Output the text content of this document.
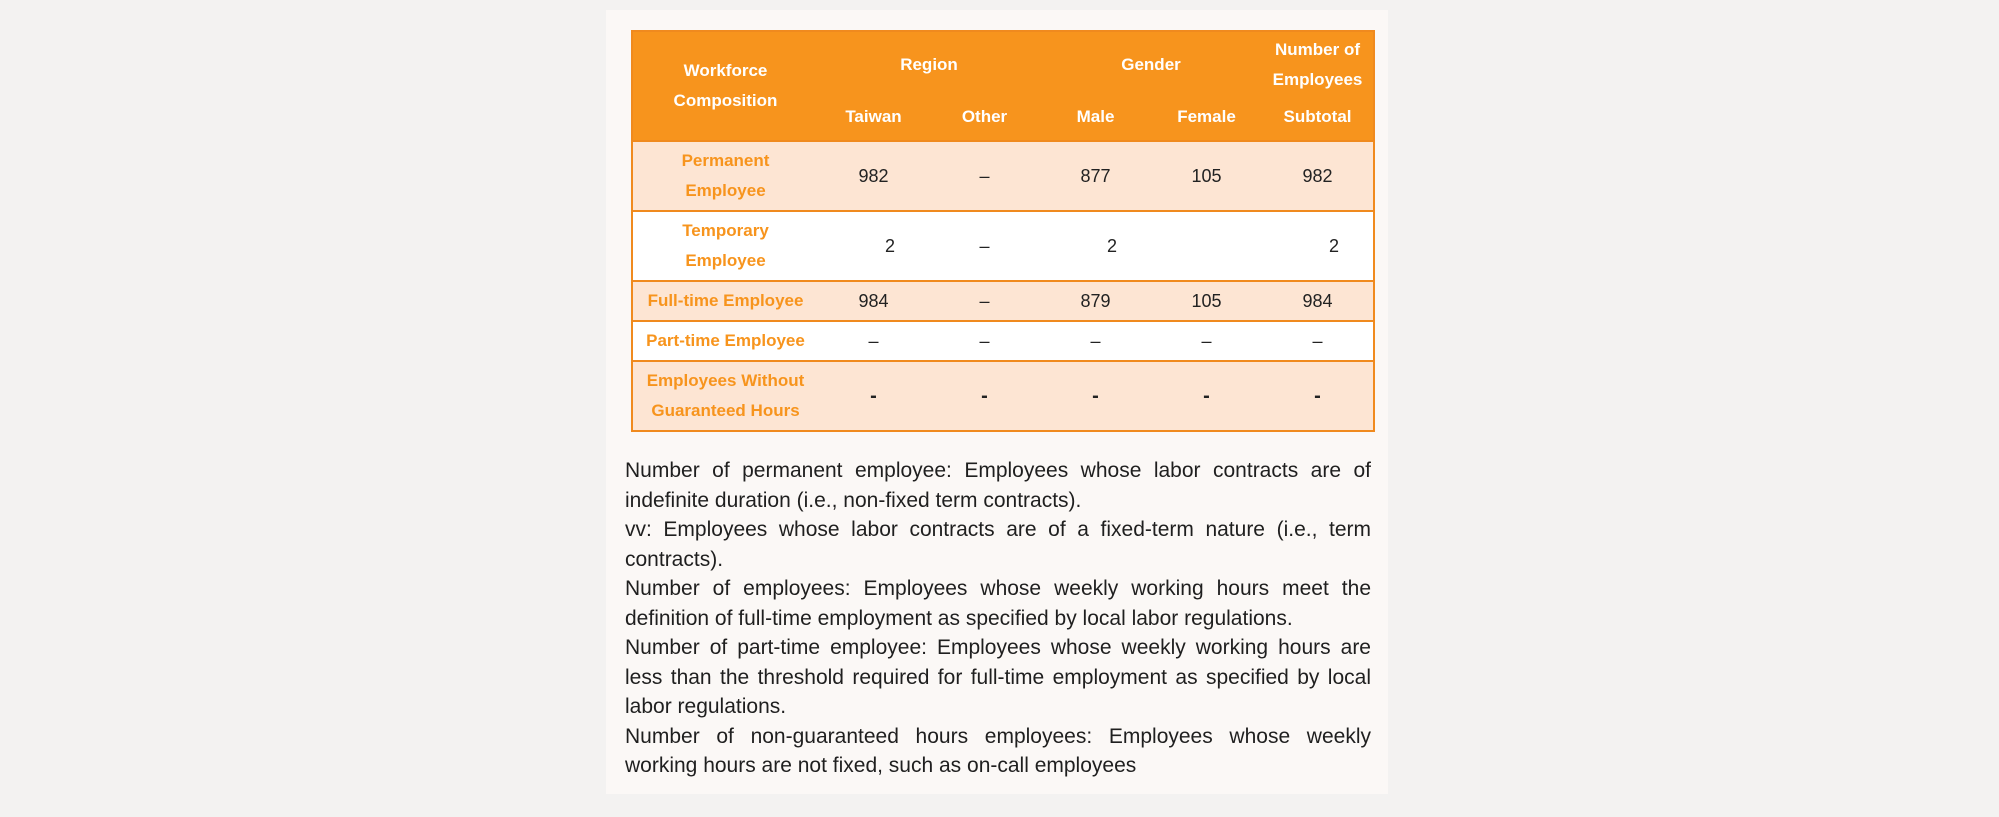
Workforce Composition	Region		Gender		Number of Employees
	Taiwan	Other	Male	Female	Subtotal
Permanent Employee	982	–	877	105	982
Temporary Employee	2	–	2		2
Full-time Employee	984	–	879	105	984
Part-time Employee	–	–	–	–	–
Employees Without Guaranteed Hours	-	-	-	-	-

Number of permanent employee: Employees whose labor contracts are of indefinite duration (i.e., non-fixed term contracts).

vv: Employees whose labor contracts are of a fixed-term nature (i.e., term contracts).

Number of employees: Employees whose weekly working hours meet the definition of full-time employment as specified by local labor regulations.

Number of part-time employee: Employees whose weekly working hours are less than the threshold required for full-time employment as specified by local labor regulations.

Number of non-guaranteed hours employees: Employees whose weekly working hours are not fixed, such as on-call employees
